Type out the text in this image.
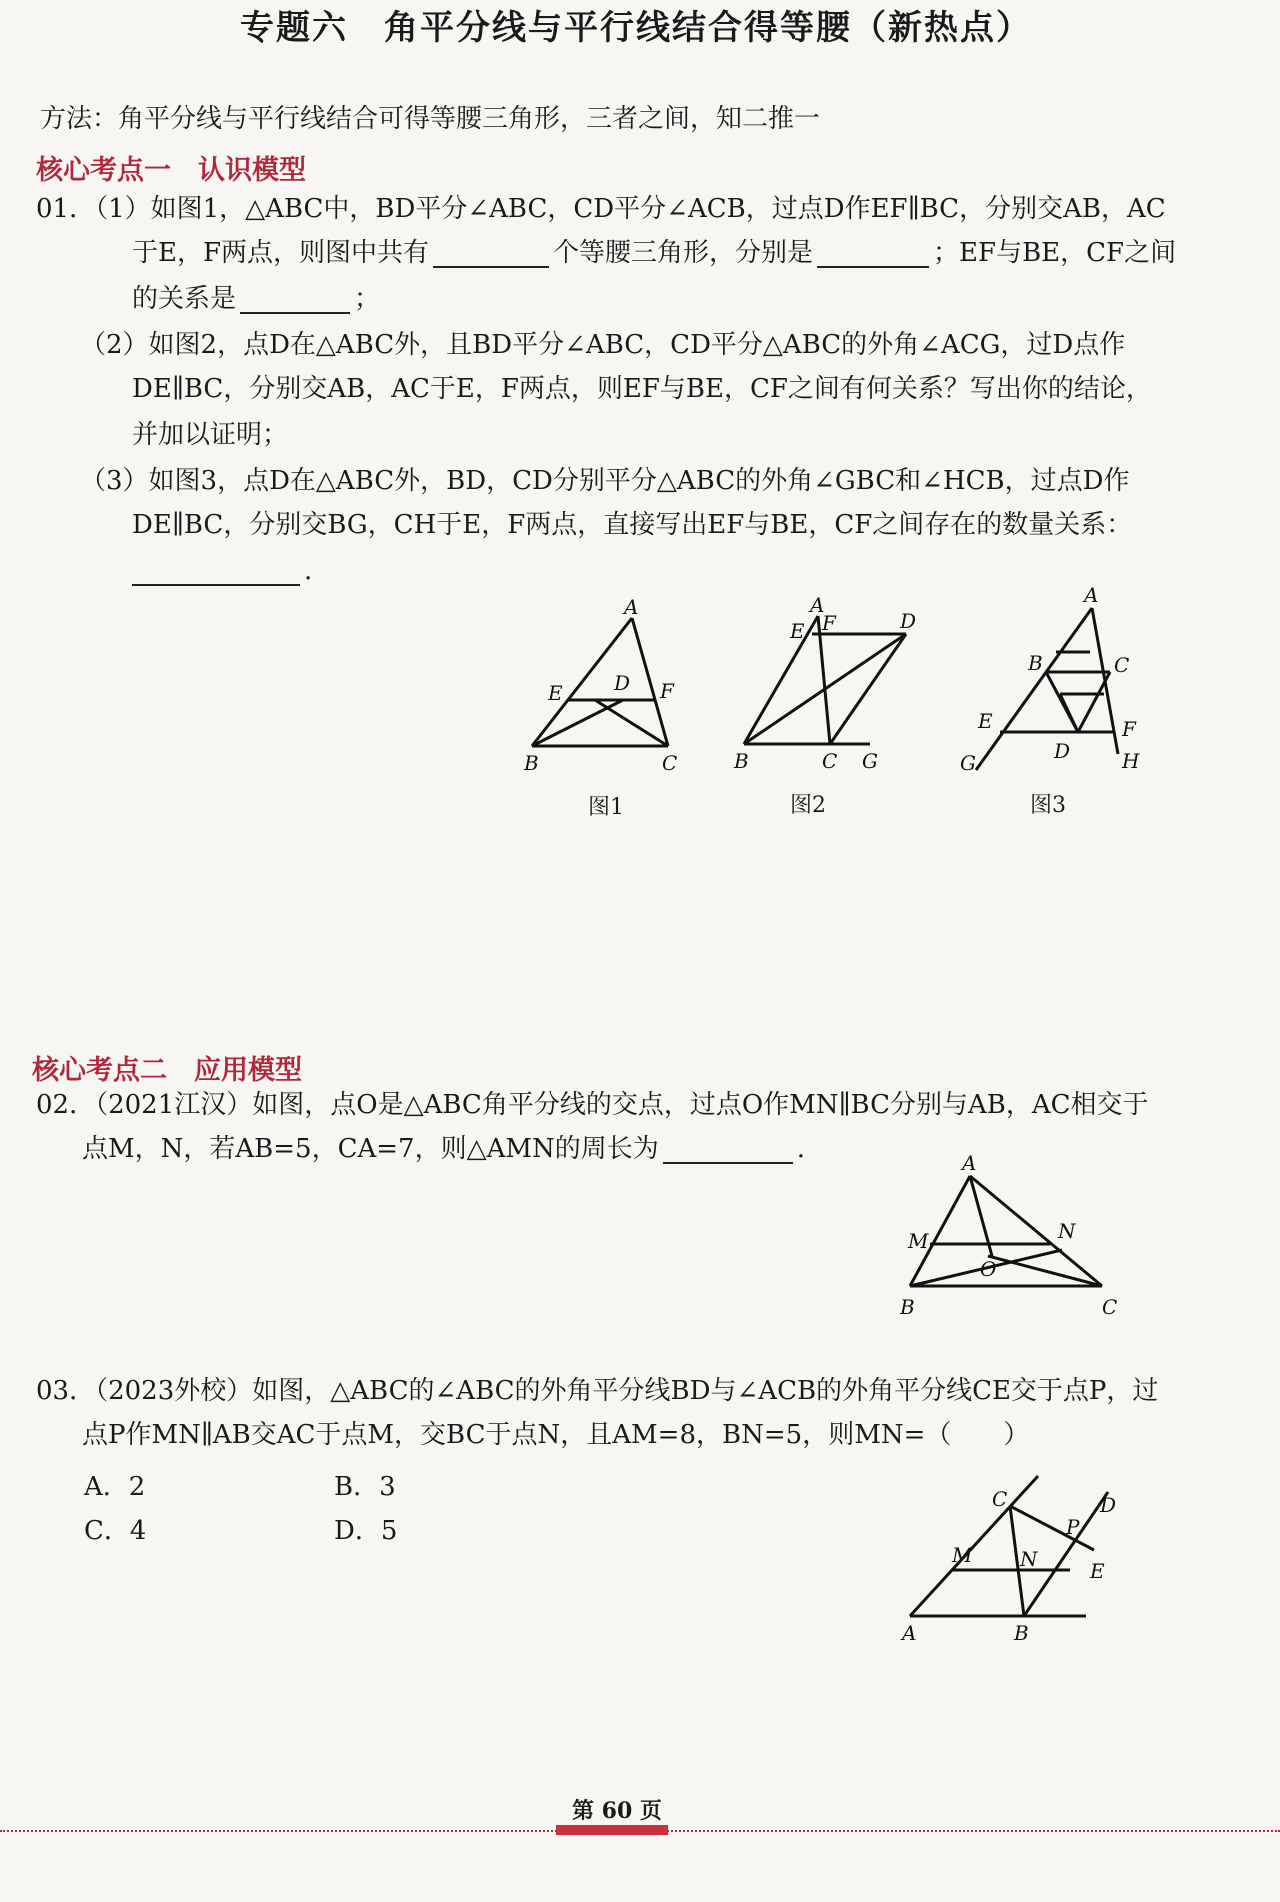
专题六　角平分线与平行线结合得等腰（新热点）
方法：角平分线与平行线结合可得等腰三角形，三者之间，知二推一
核心考点一　认识模型
01．（1）如图1，△ABC中，BD平分∠ABC，CD平分∠ACB，过点D作EF∥BC，分别交AB，AC
于E，F两点，则图中共有	个等腰三角形，分别是	；EF与BE，CF之间
的关系是	；
（2）如图2，点D在△ABC外，且BD平分∠ABC，CD平分△ABC的外角∠ACG，过D点作
DE∥BC，分别交AB，AC于E，F两点，则EF与BE，CF之间有何关系？写出你的结论，
并加以证明；
（3）如图3，点D在△ABC外，BD，CD分别平分△ABC的外角∠GBC和∠HCB，过点D作
DE∥BC，分别交BG，CH于E，F两点，直接写出EF与BE，CF之间存在的数量关系：
.
A
B	C
D
E	F
图1
A
B	C
D
E F
G
图2
A
B	C
D
E	F
G	H
图3
核心考点二　应用模型
02．（2021江汉）如图，点O是△ABC角平分线的交点，过点O作MN∥BC分别与AB，AC相交于
点M，N，若AB=5，CA=7，则△AMN的周长为	.	A
B	C
M	N
O
03．（2023外校）如图，△ABC的∠ABC的外角平分线BD与∠ACB的外角平分线CE交于点P，过
点P作MN∥AB交AC于点M，交BC于点N，且AM=8，BN=5，则MN=（　　）
A．2	B．3
C．4	D．5
A	B
C	D
E
M N
P
第 60 页
